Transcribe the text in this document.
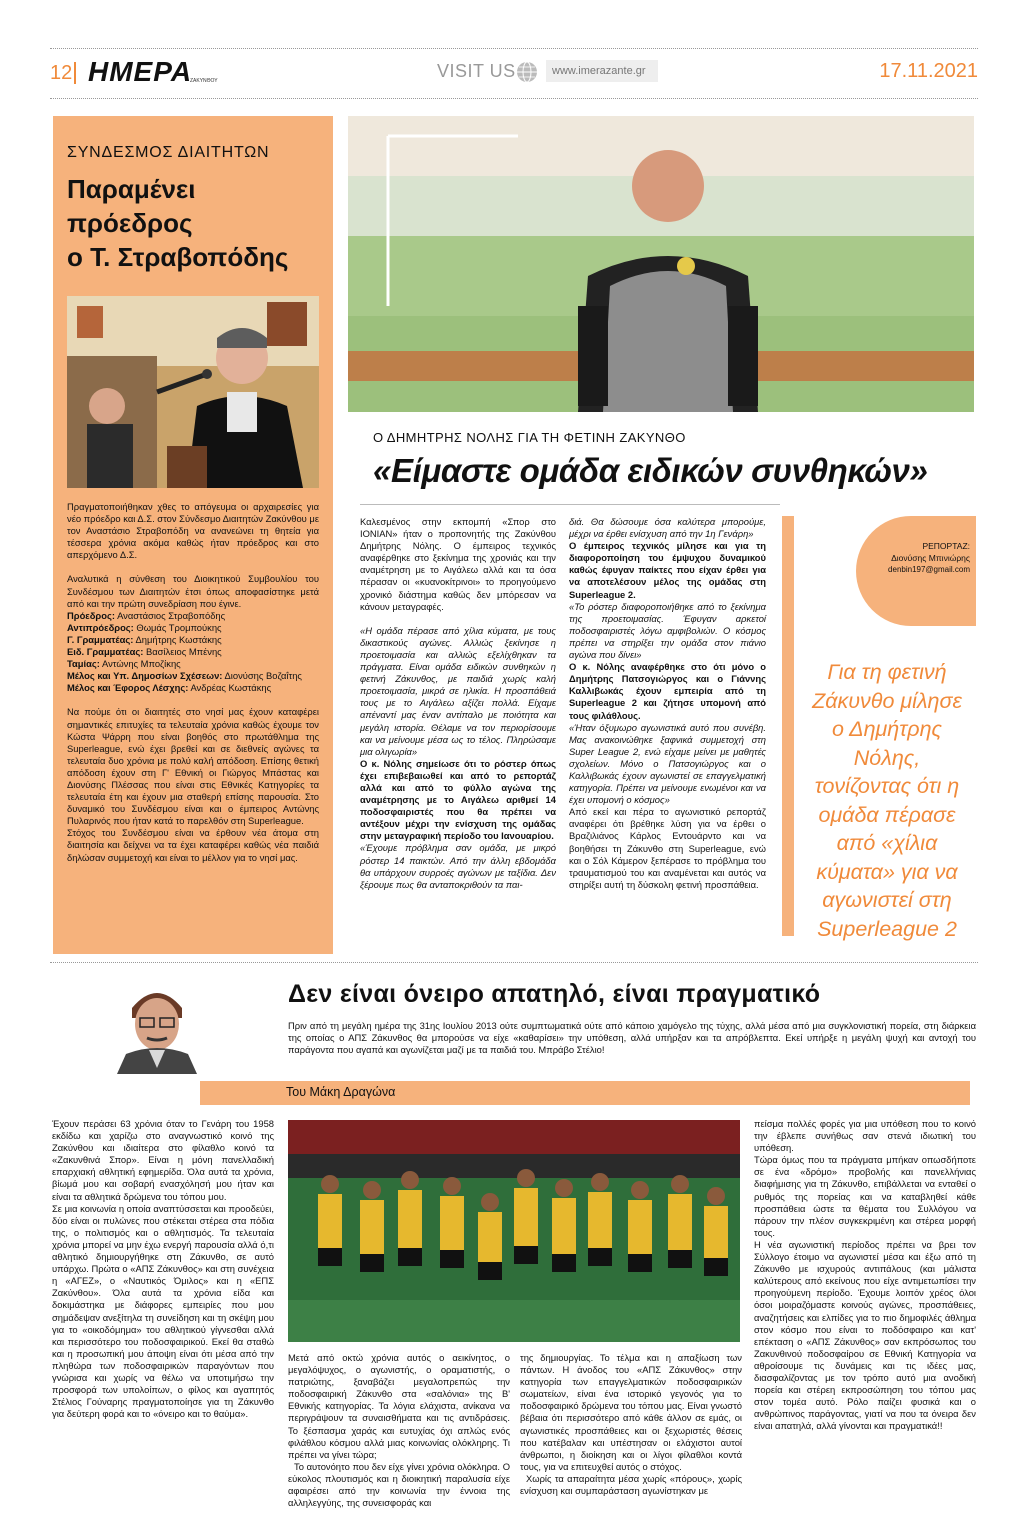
12 ΗΜΕΡΑ
ΖΑΚΥΝΘΟΥ	VISIT US	www.imerazante.gr	17.11.2021
ΣΥΝΔΕΣΜΟΣ ΔΙΑΙΤΗΤΩΝ
Παραμένει
πρόεδρος
ο Τ. Στραβοπόδης

Πραγματοποιήθηκαν χθες το απόγευμα οι αρχαιρεσίες για νέο πρόεδρο και Δ.Σ. στον Σύνδεσμο Διαιτητών Ζακύνθου με τον Αναστάσιο Στραβοπόδη να ανανεώνει τη θητεία για τέσσερα χρόνια ακόμα καθώς ήταν πρόεδρος και στο απερχόμενο Δ.Σ.

Αναλυτικά η σύνθεση του Διοικητικού Συμβουλίου του Συνδέσμου των Διαιτητών έτσι όπως αποφασίστηκε μετά από και την πρώτη συνεδρίαση που έγινε.

Πρόεδρος: Αναστάσιος Στραβοπόδης
Αντιπρόεδρος: Θωμάς Τρομπούκης
Γ. Γραμματέας: Δημήτρης Κωστάκης
Ειδ. Γραμματέας: Βασίλειος Μπένης
Ταμίας: Αντώνης Μποζίκης
Μέλος και Υπ. Δημοσίων Σχέσεων: Διονύσης Βοζαΐτης
Μέλος και Έφορος Λέσχης: Ανδρέας Κωστάκης

Να πούμε ότι οι διαιτητές στο νησί μας έχουν καταφέρει σημαντικές επιτυχίες τα τελευταία χρόνια καθώς έχουμε τον Κώστα Ψάρρη που είναι βοηθός στο πρωτάθλημα της Superleague, ενώ έχει βρεθεί και σε διεθνείς αγώνες τα τελευταία δυο χρόνια με πολύ καλή απόδοση. Επίσης θετική απόδοση έχουν στη Γ' Εθνική οι Γιώργος Μπάστας και Διονύσης Πλέσσας που είναι στις Εθνικές Κατηγορίες τα τελευταία έτη και έχουν μια σταθερή επίσης παρουσία. Στο δυναμικό του Συνδέσμου είναι και ο έμπειρος Αντώνης Πυλαρινός που ήταν κατά το παρελθόν στη Superleague.

Στόχος του Συνδέσμου είναι να έρθουν νέα άτομα στη διαιτησία και δείχνει να τα έχει καταφέρει καθώς νέα παιδιά δηλώσαν συμμετοχή και είναι το μέλλον για το νησί μας.

Ο ΔΗΜΗΤΡΗΣ ΝΟΛΗΣ ΓΙΑ ΤΗ ΦΕΤΙΝΗ ΖΑΚΥΝΘΟ
«Είμαστε ομάδα ειδικών συνθηκών»

Καλεσμένος στην εκπομπή «Σπορ στο ΙΟΝΙΑΝ» ήταν ο προπονητής της Ζακύνθου Δημήτρης Νόλης. Ο έμπειρος τεχνικός αναφέρθηκε στο ξεκίνημα της χρονιάς και την αναμέτρηση με το Αιγάλεω αλλά και τα όσα πέρασαν οι «κυανοκίτρινοι» το προηγούμενο χρονικό διάστημα καθώς δεν μπόρεσαν να κάνουν μεταγραφές.

«Η ομάδα πέρασε από χίλια κύματα, με τους δικαστικούς αγώνες. Αλλιώς ξεκίνησε η προετοιμασία και αλλιώς εξελίχθηκαν τα πράγματα. Είναι ομάδα ειδικών συνθηκών η φετινή Ζάκυνθος, με παιδιά χωρίς καλή προετοιμασία, μικρά σε ηλικία. Η προσπάθειά τους με το Αιγάλεω αξίζει πολλά. Είχαμε απέναντί μας έναν αντίπαλο με ποιότητα και μεγάλη ιστορία. Θέλαμε να τον περιορίσουμε και να μείνουμε μέσα ως το τέλος. Πληρώσαμε μια ολιγωρία»

Ο κ. Νόλης σημείωσε ότι το ρόστερ όπως έχει επιβεβαιωθεί και από το ρεπορτάζ αλλά και από το φύλλο αγώνα της αναμέτρησης με το Αιγάλεω αριθμεί 14 ποδοσφαιριστές που θα πρέπει να αντέξουν μέχρι την ενίσχυση της ομάδας στην μεταγραφική περίοδο του Ιανουαρίου.

«Έχουμε πρόβλημα σαν ομάδα, με μικρό ρόστερ 14 παικτών. Από την άλλη εβδομάδα θα υπάρχουν συρροές αγώνων με ταξίδια. Δεν ξέρουμε πως θα ανταποκριθούν τα παι-

διά. Θα δώσουμε όσα καλύτερα μπορούμε, μέχρι να έρθει ενίσχυση από την 1η Γενάρη»

Ο έμπειρος τεχνικός μίλησε και για τη διαφοροποίηση του έμψυχου δυναμικού καθώς έφυγαν παίκτες που είχαν έρθει για να αποτελέσουν μέλος της ομάδας στη Superleague 2.

«Το ρόστερ διαφοροποιήθηκε από το ξεκίνημα της προετοιμασίας. Έφυγαν αρκετοί ποδοσφαιριστές λόγω αμφιβολιών. Ο κόσμος πρέπει να στηρίξει την ομάδα στον πιάνιο αγώνα που δίνει»

Ο κ. Νόλης αναφέρθηκε στο ότι μόνο ο Δημήτρης Πατσογιώργος και ο Γιάννης Καλλιβωκάς έχουν εμπειρία από τη Superleague 2 και ζήτησε υπομονή από τους φιλάθλους.

«Ήταν όξυμωρο αγωνιστικά αυτό που συνέβη. Μας ανακοινώθηκε ξαφνικά συμμετοχή στη Super League 2, ενώ είχαμε μείνει με μαθητές σχολείων. Μόνο ο Πατσογιώργος και ο Καλλιβωκάς έχουν αγωνιστεί σε επαγγελματική κατηγορία. Πρέπει να μείνουμε ενωμένοι και να έχει υπομονή ο κόσμος»

Από εκεί και πέρα το αγωνιστικό ρεπορτάζ αναφέρει ότι βρέθηκε λύση για να έρθει ο Βραζιλιάνος Κάρλος Εντουάρντο και να βοηθήσει τη Ζάκυνθο στη Superleague, ενώ και ο Σόλ Κάμερον ξεπέρασε το πρόβλημα του τραυματισμού του και αναμένεται και αυτός να στηρίξει αυτή τη δύσκολη φετινή προσπάθεια.

ΡΕΠΟΡΤΑΖ:
Διονύσης Μπινιώρης
denbin197@gmail.com
Για τη φετινή Ζάκυνθο μίλησε ο Δημήτρης Νόλης, τονίζοντας ότι η ομάδα πέρασε από «χίλια κύματα» για να αγωνιστεί στη Superleague 2
Δεν είναι όνειρο απατηλό, είναι πραγματικό
Πριν από τη μεγάλη ημέρα της 31ης Ιουλίου 2013 ούτε συμπτωματικά ούτε από κάποιο χαμόγελο της τύχης, αλλά μέσα από μια συγκλονιστική πορεία, στη διάρκεια της οποίας ο ΑΠΣ Ζάκυνθος θα μπορούσε να είχε «καθαρίσει» την υπόθεση, αλλά υπήρξαν και τα απρόβλεπτα. Εκεί υπήρξε η μεγάλη ψυχή και αντοχή του παράγοντα που αγαπά και αγωνίζεται μαζί με τα παιδιά του. Μπράβο Στέλιο!
Του Μάκη Δραγώνα

Έχουν περάσει 63 χρόνια όταν το Γενάρη του 1958 εκδίδω και χαρίζω στο αναγνωστικό κοινό της Ζακύνθου και ιδιαίτερα στο φίλαθλο κοινό τα «Ζακυνθινά Σπορ». Είναι η μόνη πανελλαδική επαρχιακή αθλητική εφημερίδα. Όλα αυτά τα χρόνια, βίωμά μου και σοβαρή ενασχόλησή μου ήταν και είναι τα αθλητικά δρώμενα του τόπου μου.

Σε μια κοινωνία η οποία αναπτύσσεται και προοδεύει, δύο είναι οι πυλώνες που στέκεται στέρεα στα πόδια της, ο πολιτισμός και ο αθλητισμός. Τα τελευταία χρόνια μπορεί να μην έχω ενεργή παρουσία αλλά ό,τι αθλητικό δημιουργήθηκε στη Ζάκυνθο, σε αυτό υπάρχω. Πρώτα ο «ΑΠΣ Ζάκυνθος» και στη συνέχεια η «ΑΓΕΖ», ο «Ναυτικός Όμιλος» και η «ΕΠΣ Ζακύνθου». Όλα αυτά τα χρόνια είδα και δοκιμάστηκα με διάφορες εμπειρίες που μου σημάδεψαν ανεξίτηλα τη συνείδηση και τη σκέψη μου για το «οικοδόμημα» του αθλητικού γίγνεσθαι αλλά και περισσότερο του ποδοσφαιρικού. Εκεί θα σταθώ και η προσωπική μου άποψη είναι ότι μέσα από την πληθώρα των ποδοσφαιρικών παραγόντων που γνώρισα και χωρίς να θέλω να υποτιμήσω την προσφορά των υπολοίπων, ο φίλος και αγαπητός Στέλιος Γούναρης πραγματοποίησε για τη Ζάκυνθο για δεύτερη φορά και το «όνειρο και το θαύμα».

Μετά από οκτώ χρόνια αυτός ο αεικίνητος, ο μεγαλόψυχος, ο αγωνιστής, ο οραματιστής, ο πατριώτης, ξαναβάζει μεγαλοπρεπώς την ποδοσφαιρική Ζάκυνθο στα «σαλόνια» της Β' Εθνικής κατηγορίας. Τα λόγια ελάχιστα, ανίκανα να περιγράψουν τα συναισθήματα και τις αντιδράσεις. Το ξέσπασμα χαράς και ευτυχίας όχι απλώς ενός φιλάθλου κόσμου αλλά μιας κοινωνίας ολόκληρης. Τι πρέπει να γίνει τώρα;

Το αυτονόητο που δεν είχε γίνει χρόνια ολόκληρα. Ο εύκολος πλουτισμός και η διοικητική παραλυσία είχε αφαιρέσει από την κοινωνία την έννοια της αλληλεγγύης, της συνεισφοράς και

της δημιουργίας. Το τέλμα και η απαξίωση των πάντων. Η άνοδος του «ΑΠΣ Ζάκυνθος» στην κατηγορία των επαγγελματικών ποδοσφαιρικών σωματείων, είναι ένα ιστορικό γεγονός για το ποδοσφαιρικό δρώμενα του τόπου μας. Είναι γνωστό βέβαια ότι περισσότερο από κάθε άλλον σε εμάς, οι αγωνιστικές προσπάθειες και οι ξεχωριστές θέσεις που κατέβαλαν και υπέστησαν οι ελάχιστοι αυτοί άνθρωποι, η διοίκηση και οι λίγοι φίλαθλοι κοντά τους, για να επιτευχθεί αυτός ο στόχος.

Χωρίς τα απαραίτητα μέσα χωρίς «πόρους», χωρίς ενίσχυση και συμπαράσταση αγωνίστηκαν με

πείσμα πολλές φορές για μια υπόθεση που το κοινό την έβλεπε συνήθως σαν στενά ιδιωτική του υπόθεση.

Τώρα όμως που τα πράγματα μπήκαν οπωσδήποτε σε ένα «δρόμο» προβολής και πανελλήνιας διαφήμισης για τη Ζάκυνθο, επιβάλλεται να ενταθεί ο ρυθμός της πορείας και να καταβληθεί κάθε προσπάθεια ώστε τα θέματα του Συλλόγου να πάρουν την πλέον συγκεκριμένη και στέρεα μορφή τους.

Η νέα αγωνιστική περίοδος πρέπει να βρει τον Σύλλογο έτοιμο να αγωνιστεί μέσα και έξω από τη Ζάκυνθο με ισχυρούς αντιπάλους (και μάλιστα καλύτερους από εκείνους που είχε αντιμετωπίσει την προηγούμενη περίοδο. Έχουμε λοιπόν χρέος όλοι όσοι μοιραζόμαστε κοινούς αγώνες, προσπάθειες, αναζητήσεις και ελπίδες για το πιο δημοφιλές άθλημα στον κόσμο που είναι το ποδόσφαιρο και κατ' επέκταση ο «ΑΠΣ Ζάκυνθος» σαν εκπρόσωπος του Ζακυνθινού ποδοσφαίρου σε Εθνική Κατηγορία να αθροίσουμε τις δυνάμεις και τις ιδέες μας, διασφαλίζοντας με τον τρόπο αυτό μια ανοδική πορεία και στέρεη εκπροσώπηση του τόπου μας στον τομέα αυτό. Ρόλο παίζει φυσικά και ο ανθρώπινος παράγοντας, γιατί να που τα όνειρα δεν είναι απατηλά, αλλά γίνονται και πραγματικά!!
